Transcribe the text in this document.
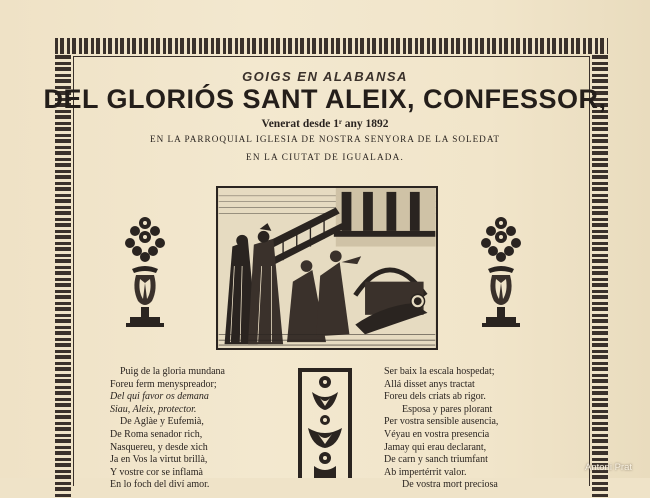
GOIGS EN ALABANSA
DEL GLORIÓS SANT ALEIX, CONFESSOR,
Venerat desde 1ʳ any 1892
EN LA PARROQUIAL IGLESIA DE NOSTRA SENYORA DE LA SOLEDAT
EN LA CIUTAT DE IGUALADA.
Puig de la gloria mundana
Foreu ferm menyspreador;
Del qui favor os demana
Siau, Aleix, protector.
De Aglàe y Eufemià,
De Roma senador rich,
Nasquereu, y desde xich
Ja en Vos la virtut brillà,
Y vostre cor se inflamà
En lo foch del diví amor.
Ser baix la escala hospedat;
Allá disset anys tractat
Foreu dels criats ab rigor.
Esposa y pares plorant
Per vostra sensible ausencia,
Véyau en vostra presencia
Jamay qui erau declarant,
De carn y sanch triumfant
Ab impertérrit valor.
De vostra mort preciosa
Antoni Prat
